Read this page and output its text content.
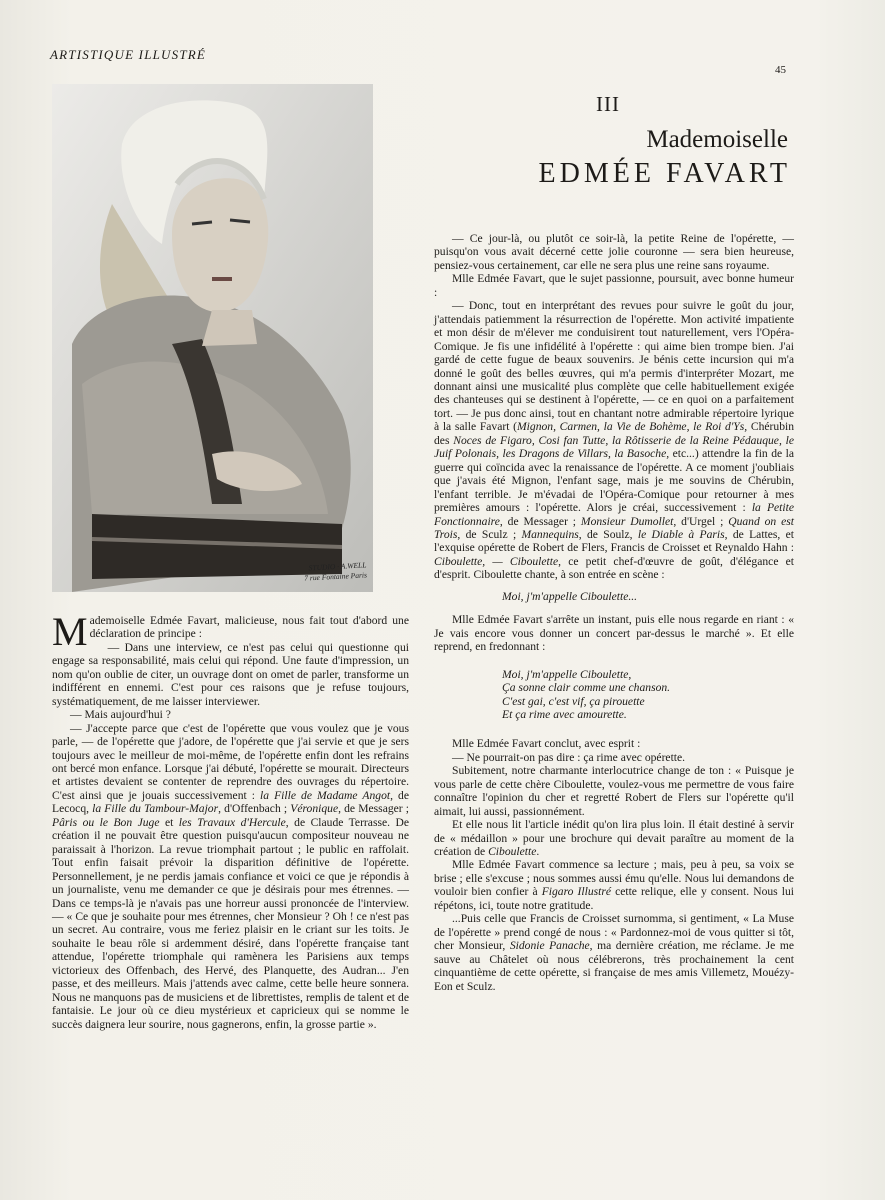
ARTISTIQUE ILLUSTRÉ
45
STUDIO · A.WELL
7 rue Fontaine Paris
III
Mademoiselle
EDMÉE FAVART

Mademoiselle Edmée Favart, malicieuse, nous fait tout d'abord une déclaration de principe :

— Dans une interview, ce n'est pas celui qui questionne qui engage sa responsabilité, mais celui qui répond. Une faute d'impression, un nom qu'on oublie de citer, un ouvrage dont on omet de parler, transforme un indifférent en ennemi. C'est pour ces raisons que je refuse toujours, systématiquement, de me laisser interviewer.

— Mais aujourd'hui ?

— J'accepte parce que c'est de l'opérette que vous voulez que je vous parle, — de l'opérette que j'adore, de l'opérette que j'ai servie et que je sers toujours avec le meilleur de moi-même, de l'opérette enfin dont les refrains ont bercé mon enfance. Lorsque j'ai débuté, l'opérette se mourait. Directeurs et artistes devaient se contenter de reprendre des ouvrages du répertoire. C'est ainsi que je jouais successivement : la Fille de Madame Angot, de Lecocq, la Fille du Tambour-Major, d'Offenbach ; Véronique, de Messager ; Pâris ou le Bon Juge et les Travaux d'Hercule, de Claude Terrasse. De création il ne pouvait être question puisqu'aucun compositeur nouveau ne paraissait à l'horizon. La revue triomphait partout ; le public en raffolait. Tout enfin faisait prévoir la disparition définitive de l'opérette. Personnellement, je ne perdis jamais confiance et voici ce que je répondis à un journaliste, venu me demander ce que je désirais pour mes étrennes. — Dans ce temps-là je n'avais pas une horreur aussi prononcée de l'interview. — « Ce que je souhaite pour mes étrennes, cher Monsieur ? Oh ! ce n'est pas un secret. Au contraire, vous me feriez plaisir en le criant sur les toits. Je souhaite le beau rôle si ardemment désiré, dans l'opérette française tant attendue, l'opérette triomphale qui ramènera les Parisiens aux temps victorieux des Offenbach, des Hervé, des Planquette, des Audran... J'en passe, et des meilleurs. Mais j'attends avec calme, cette belle heure sonnera. Nous ne manquons pas de musiciens et de librettistes, remplis de talent et de fantaisie. Le jour où ce dieu mystérieux et capricieux qui se nomme le succès daignera leur sourire, nous gagnerons, enfin, la grosse partie ».

— Ce jour-là, ou plutôt ce soir-là, la petite Reine de l'opérette, — puisqu'on vous avait décerné cette jolie couronne — sera bien heureuse, pensiez-vous certainement, car elle ne sera plus une reine sans royaume.

Mlle Edmée Favart, que le sujet passionne, poursuit, avec bonne humeur :

— Donc, tout en interprétant des revues pour suivre le goût du jour, j'attendais patiemment la résurrection de l'opérette. Mon activité impatiente et mon désir de m'élever me conduisirent tout naturellement, vers l'Opéra-Comique. Je fis une infidélité à l'opérette : qui aime bien trompe bien. J'ai gardé de cette fugue de beaux souvenirs. Je bénis cette incursion qui m'a donné le goût des belles œuvres, qui m'a permis d'interpréter Mozart, me donnant ainsi une musicalité plus complète que celle habituellement exigée des chanteuses qui se destinent à l'opérette, — ce en quoi on a parfaitement tort. — Je pus donc ainsi, tout en chantant notre admirable répertoire lyrique à la salle Favart (Mignon, Carmen, la Vie de Bohème, le Roi d'Ys, Chérubin des Noces de Figaro, Cosi fan Tutte, la Rôtisserie de la Reine Pédauque, le Juif Polonais, les Dragons de Villars, la Basoche, etc...) attendre la fin de la guerre qui coïncida avec la renaissance de l'opérette. A ce moment j'oubliais que j'avais été Mignon, l'enfant sage, mais je me souvins de Chérubin, l'enfant terrible. Je m'évadai de l'Opéra-Comique pour retourner à mes premières amours : l'opérette. Alors je créai, successivement : la Petite Fonctionnaire, de Messager ; Monsieur Dumollet, d'Urgel ; Quand on est Trois, de Sculz ; Mannequins, de Soulz, le Diable à Paris, de Lattes, et l'exquise opérette de Robert de Flers, Francis de Croisset et Reynaldo Hahn : Ciboulette, — Ciboulette, ce petit chef-d'œuvre de goût, d'élégance et d'esprit. Ciboulette chante, à son entrée en scène :

Moi, j'm'appelle Ciboulette...

Mlle Edmée Favart s'arrête un instant, puis elle nous regarde en riant : « Je vais encore vous donner un concert par-dessus le marché ». Et elle reprend, en fredonnant :

Moi, j'm'appelle Ciboulette,
Ça sonne clair comme une chanson.
C'est gai, c'est vif, ça pirouette
Et ça rime avec amourette.

Mlle Edmée Favart conclut, avec esprit :

— Ne pourrait-on pas dire : ça rime avec opérette.

Subitement, notre charmante interlocutrice change de ton : « Puisque je vous parle de cette chère Ciboulette, voulez-vous me permettre de vous faire connaître l'opinion du cher et regretté Robert de Flers sur l'opérette qu'il aimait, lui aussi, passionnément.

Et elle nous lit l'article inédit qu'on lira plus loin. Il était destiné à servir de « médaillon » pour une brochure qui devait paraître au moment de la création de Ciboulette.

Mlle Edmée Favart commence sa lecture ; mais, peu à peu, sa voix se brise ; elle s'excuse ; nous sommes aussi ému qu'elle. Nous lui demandons de vouloir bien confier à Figaro Illustré cette relique, elle y consent. Nous lui répétons, ici, toute notre gratitude.

...Puis celle que Francis de Croisset surnomma, si gentiment, « La Muse de l'opérette » prend congé de nous : « Pardonnez-moi de vous quitter si tôt, cher Monsieur, Sidonie Panache, ma dernière création, me réclame. Je me sauve au Châtelet où nous célébrerons, très prochainement la cent cinquantième de cette opérette, si française de mes amis Villemetz, Mouézy-Eon et Sculz.
